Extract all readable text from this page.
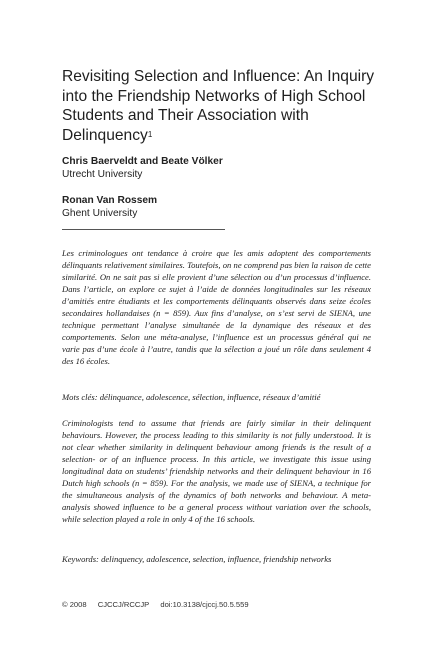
Revisiting Selection and Influence: An Inquiry into the Friendship Networks of High School Students and Their Association with Delinquency$^1$
Chris Baerveldt and Beate Völker
Utrecht University
Ronan Van Rossem
Ghent University

Les criminologues ont tendance à croire que les amis adoptent des comportements délinquants relativement similaires. Toutefois, on ne comprend pas bien la raison de cette similarité. On ne sait pas si elle provient d’une sélection ou d’un processus d’influence. Dans l’article, on explore ce sujet à l’aide de données longitudinales sur les réseaux d’amitiés entre étudiants et les comportements délinquants observés dans seize écoles secondaires hollandaises (n = 859). Aux fins d’analyse, on s’est servi de SIENA, une technique permettant l’analyse simultanée de la dynamique des réseaux et des comportements. Selon une méta-analyse, l’influence est un processus général qui ne varie pas d’une école à l’autre, tandis que la sélection a joué un rôle dans seulement 4 des 16 écoles.

Mots clés: délinquance, adolescence, sélection, influence, réseaux d’amitié

Criminologists tend to assume that friends are fairly similar in their delinquent behaviours. However, the process leading to this similarity is not fully understood. It is not clear whether similarity in delinquent behaviour among friends is the result of a selection- or of an influence process. In this article, we investigate this issue using longitudinal data on students’ friendship networks and their delinquent behaviour in 16 Dutch high schools (n = 859). For the analysis, we made use of SIENA, a technique for the simultaneous analysis of the dynamics of both networks and behaviour. A meta-analysis showed influence to be a general process without variation over the schools, while selection played a role in only 4 of the 16 schools.

Keywords: delinquency, adolescence, selection, influence, friendship networks

© 2008 CJCCJ/RCCJP doi:10.3138/cjccj.50.5.559
